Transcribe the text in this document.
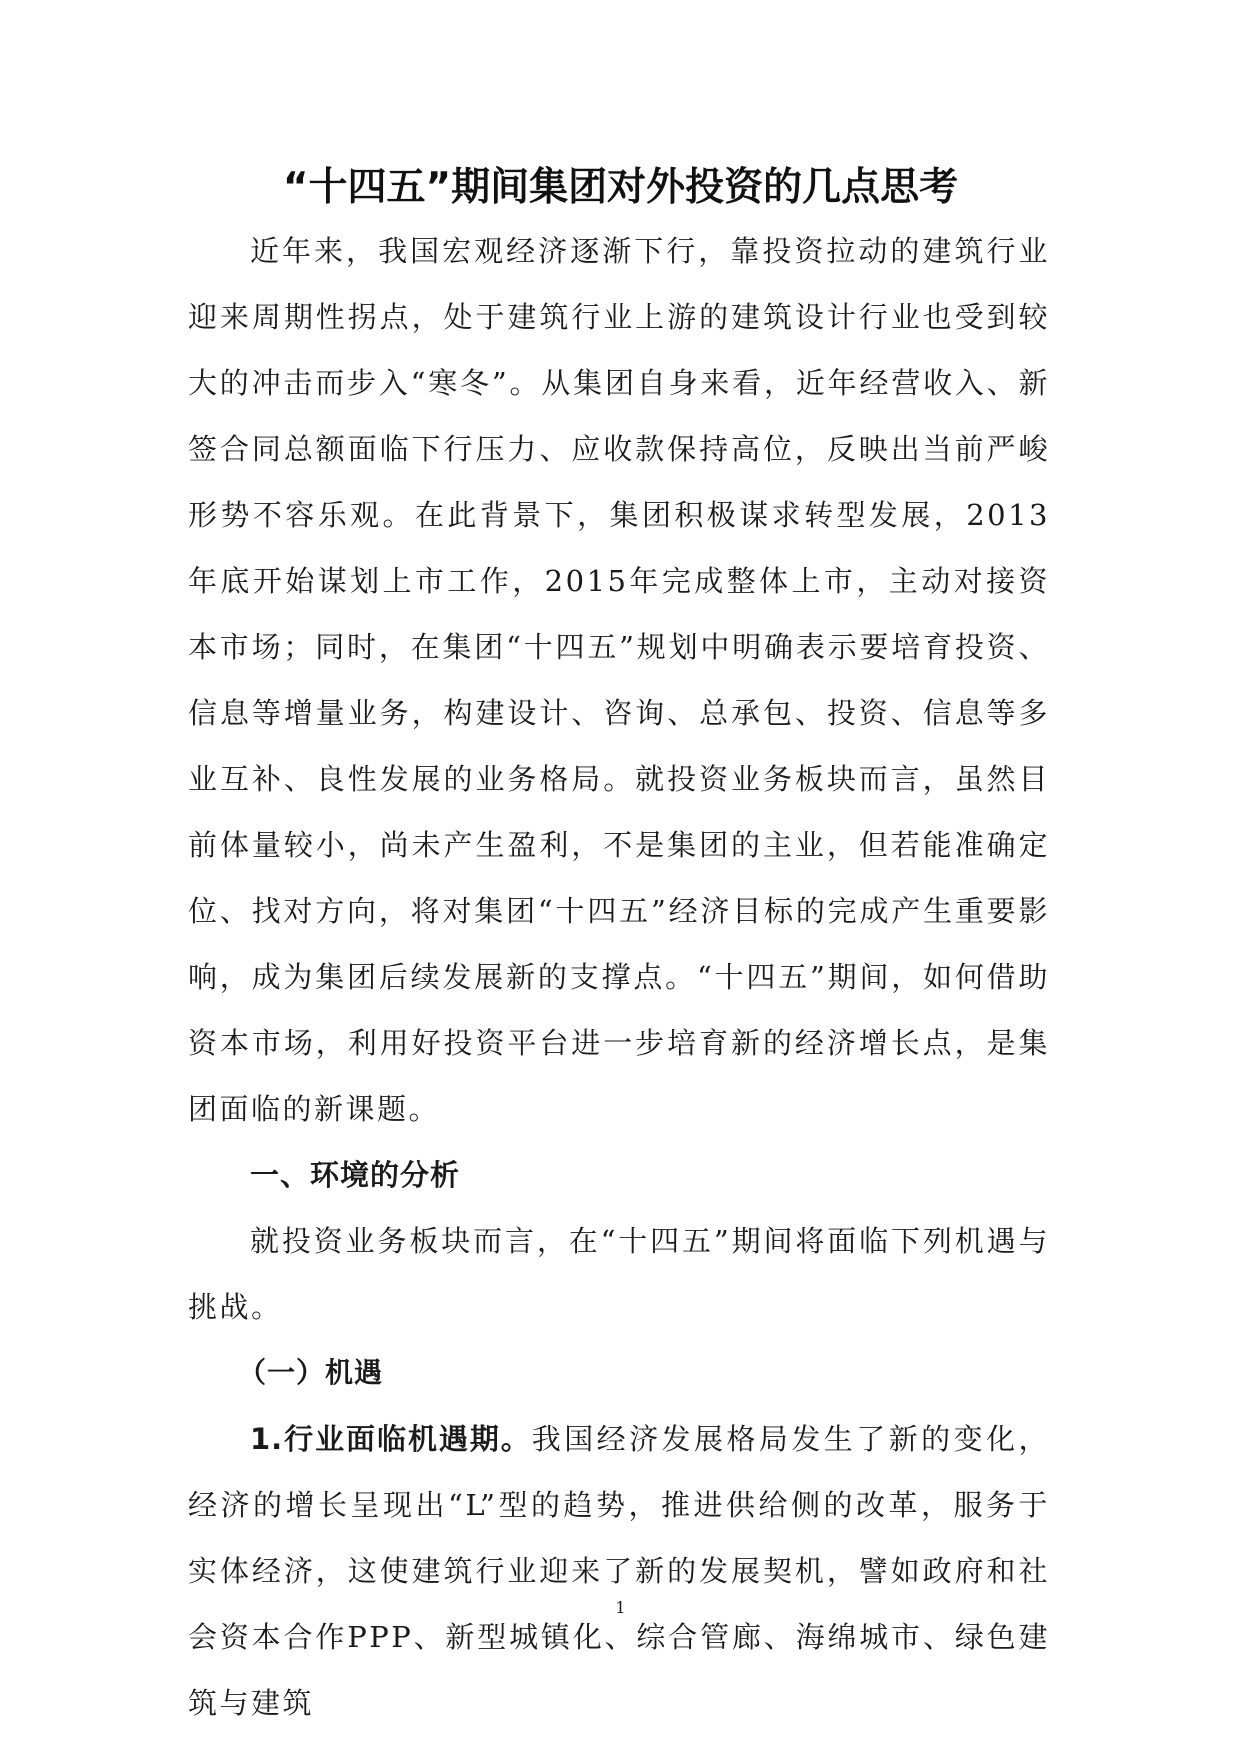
“十四五”期间集团对外投资的几点思考

近年来，我国宏观经济逐渐下行，靠投资拉动的建筑行业迎来周期性拐点，处于建筑行业上游的建筑设计行业也受到较大的冲击而步入“寒冬”。从集团自身来看，近年经营收入、新签合同总额面临下行压力、应收款保持高位，反映出当前严峻形势不容乐观。在此背景下，集团积极谋求转型发展，2013年底开始谋划上市工作，2015年完成整体上市，主动对接资本市场；同时，在集团“十四五”规划中明确表示要培育投资、信息等增量业务，构建设计、咨询、总承包、投资、信息等多业互补、良性发展的业务格局。就投资业务板块而言，虽然目前体量较小，尚未产生盈利，不是集团的主业，但若能准确定位、找对方向，将对集团“十四五”经济目标的完成产生重要影响，成为集团后续发展新的支撑点。“十四五”期间，如何借助资本市场，利用好投资平台进一步培育新的经济增长点，是集团面临的新课题。

一、环境的分析

就投资业务板块而言，在“十四五”期间将面临下列机遇与挑战。

（一）机遇

1.行业面临机遇期。我国经济发展格局发生了新的变化，经济的增长呈现出“L”型的趋势，推进供给侧的改革，服务于实体经济，这使建筑行业迎来了新的发展契机，譬如政府和社会资本合作PPP、新型城镇化、综合管廊、海绵城市、绿色建筑与建筑

1
